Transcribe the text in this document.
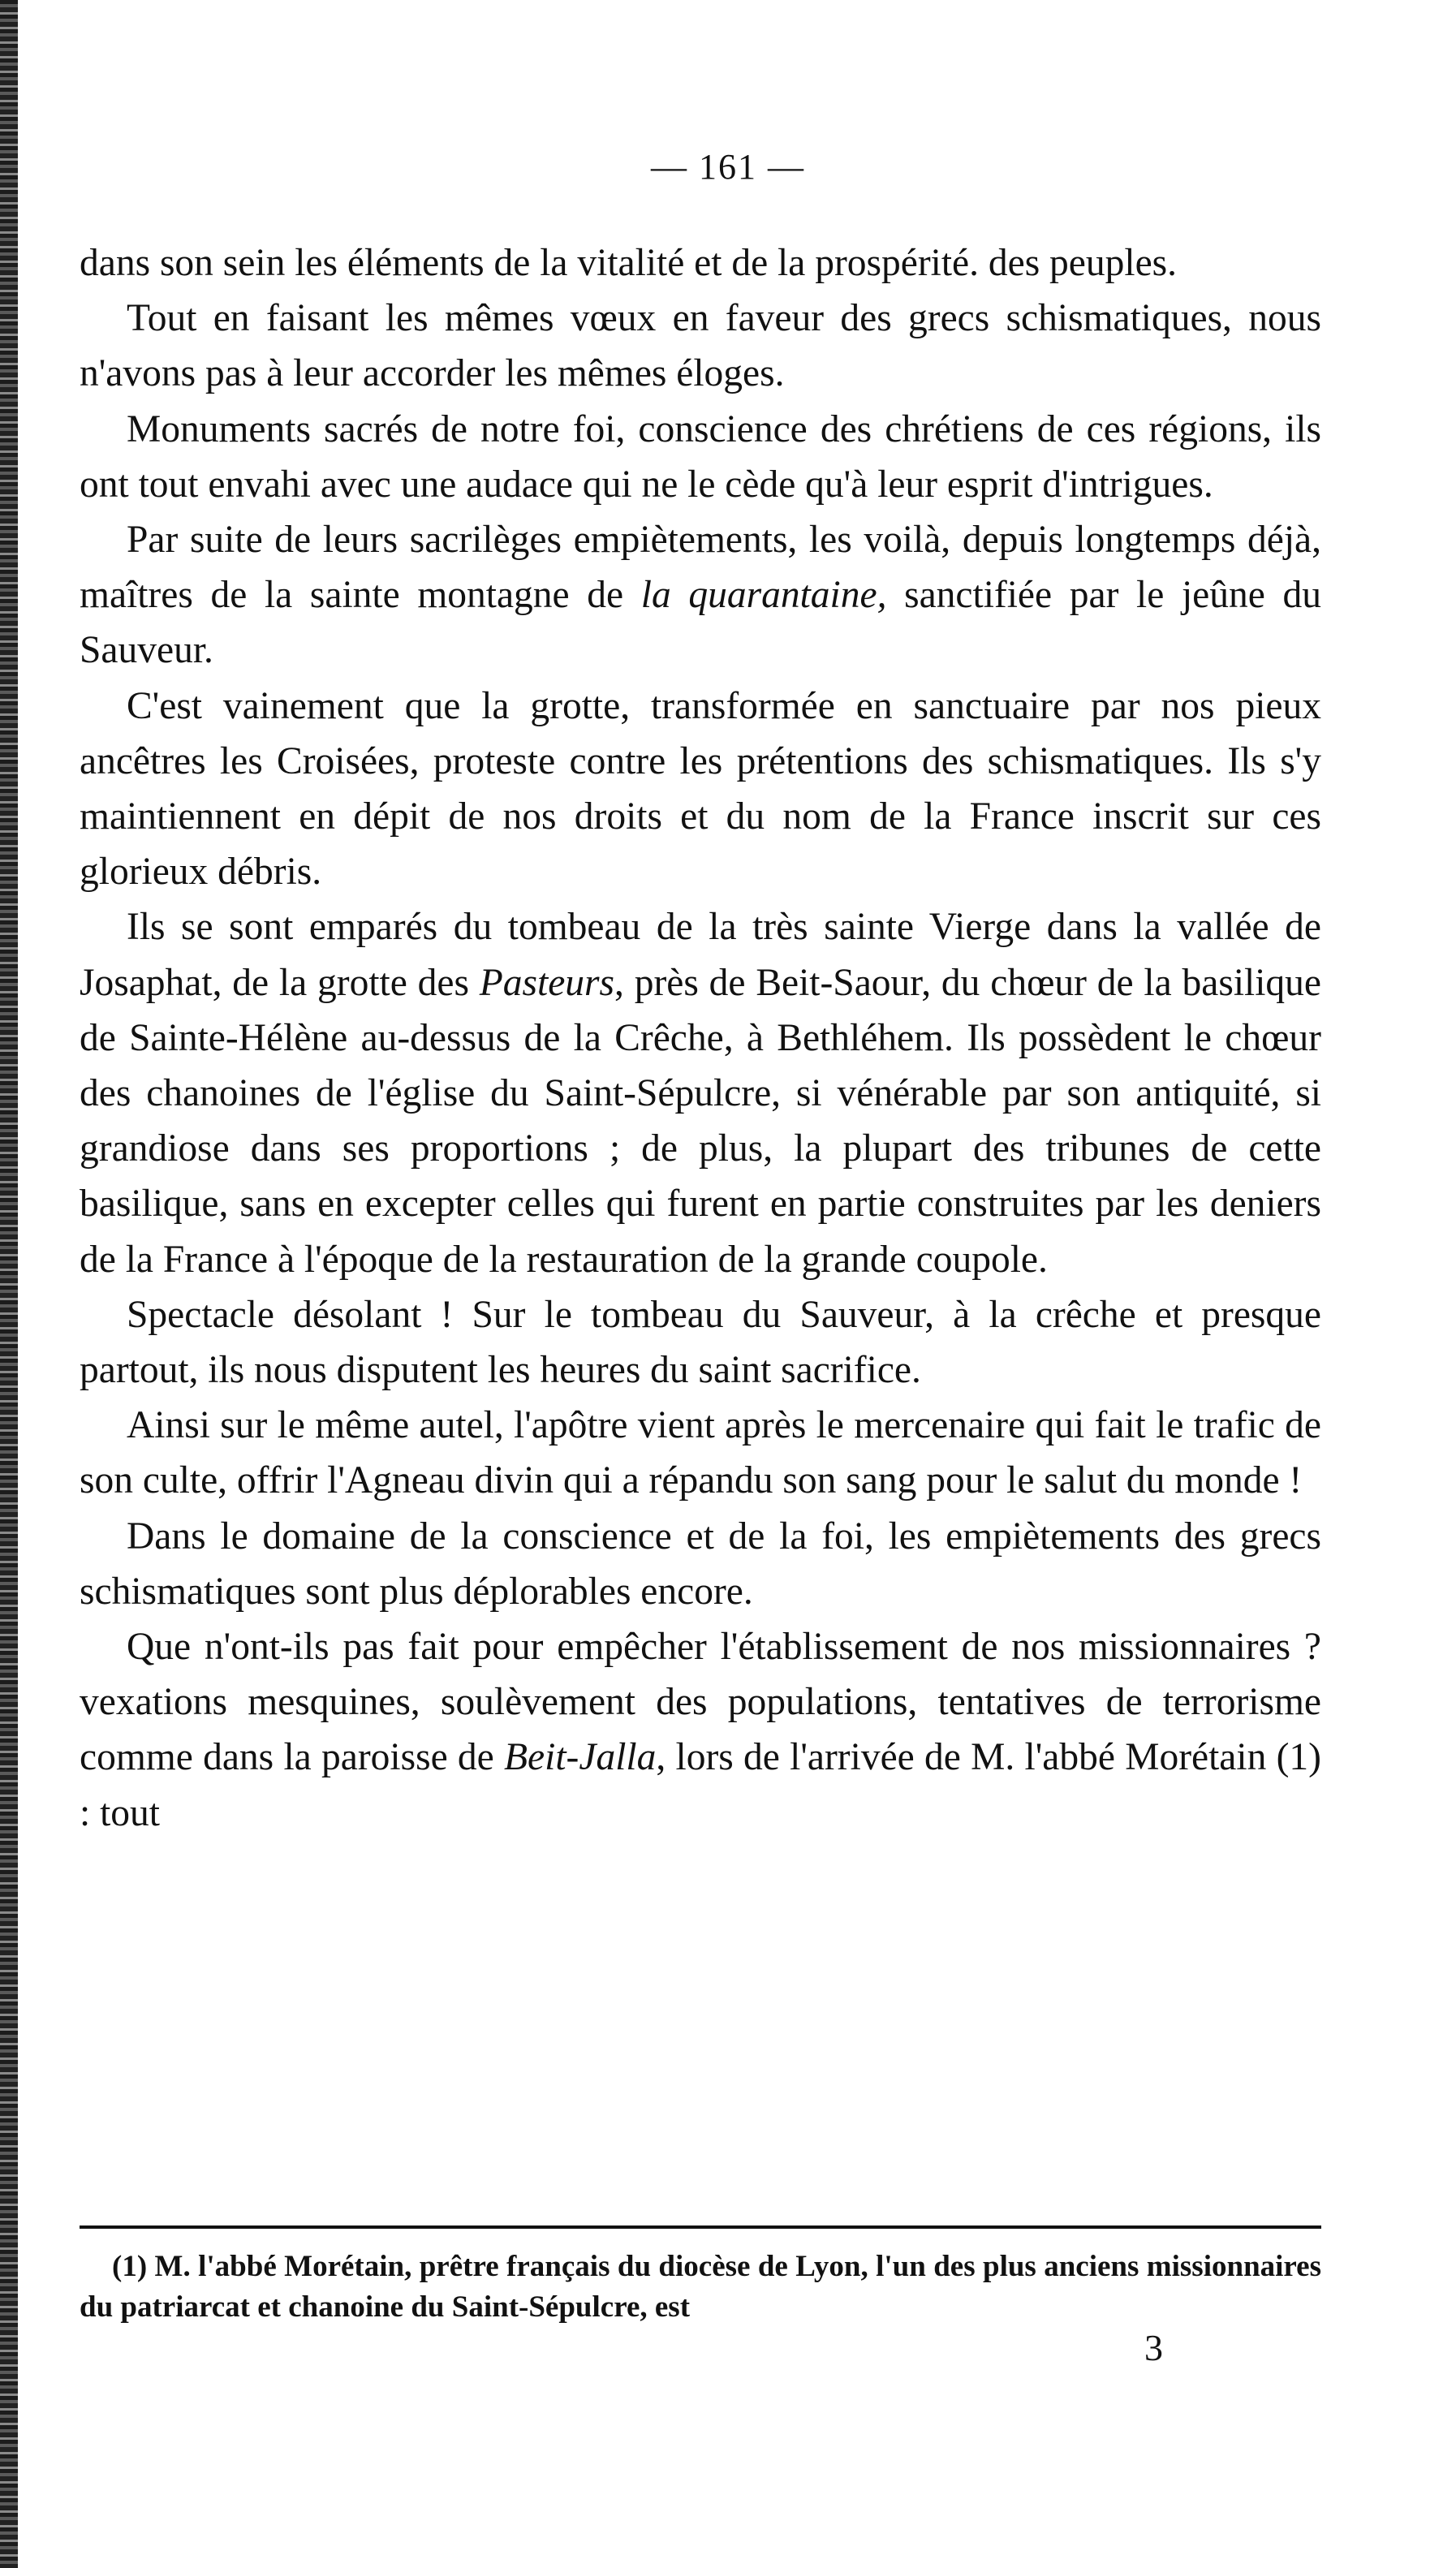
— 161 —

dans son sein les éléments de la vitalité et de la prospérité. des peuples.

Tout en faisant les mêmes vœux en faveur des grecs schismatiques, nous n'avons pas à leur accorder les mêmes éloges.

Monuments sacrés de notre foi, conscience des chrétiens de ces régions, ils ont tout envahi avec une audace qui ne le cède qu'à leur esprit d'intrigues.

Par suite de leurs sacrilèges empiètements, les voilà, depuis longtemps déjà, maîtres de la sainte montagne de la quarantaine, sanctifiée par le jeûne du Sauveur.

C'est vainement que la grotte, transformée en sanctuaire par nos pieux ancêtres les Croisées, proteste contre les prétentions des schismatiques. Ils s'y maintiennent en dépit de nos droits et du nom de la France inscrit sur ces glorieux débris.

Ils se sont emparés du tombeau de la très sainte Vierge dans la vallée de Josaphat, de la grotte des Pasteurs, près de Beit-Saour, du chœur de la basilique de Sainte-Hélène au-dessus de la Crêche, à Bethléhem. Ils possèdent le chœur des chanoines de l'église du Saint-Sépulcre, si vénérable par son antiquité, si grandiose dans ses proportions ; de plus, la plupart des tribunes de cette basilique, sans en excepter celles qui furent en partie construites par les deniers de la France à l'époque de la restauration de la grande coupole.

Spectacle désolant ! Sur le tombeau du Sauveur, à la crêche et presque partout, ils nous disputent les heures du saint sacrifice.

Ainsi sur le même autel, l'apôtre vient après le mercenaire qui fait le trafic de son culte, offrir l'Agneau divin qui a répandu son sang pour le salut du monde !

Dans le domaine de la conscience et de la foi, les empiètements des grecs schismatiques sont plus déplorables encore.

Que n'ont-ils pas fait pour empêcher l'établissement de nos missionnaires ? vexations mesquines, soulèvement des populations, tentatives de terrorisme comme dans la paroisse de Beit-Jalla, lors de l'arrivée de M. l'abbé Morétain (1) : tout

(1) M. l'abbé Morétain, prêtre français du diocèse de Lyon, l'un des plus anciens missionnaires du patriarcat et chanoine du Saint-Sépulcre, est

3
